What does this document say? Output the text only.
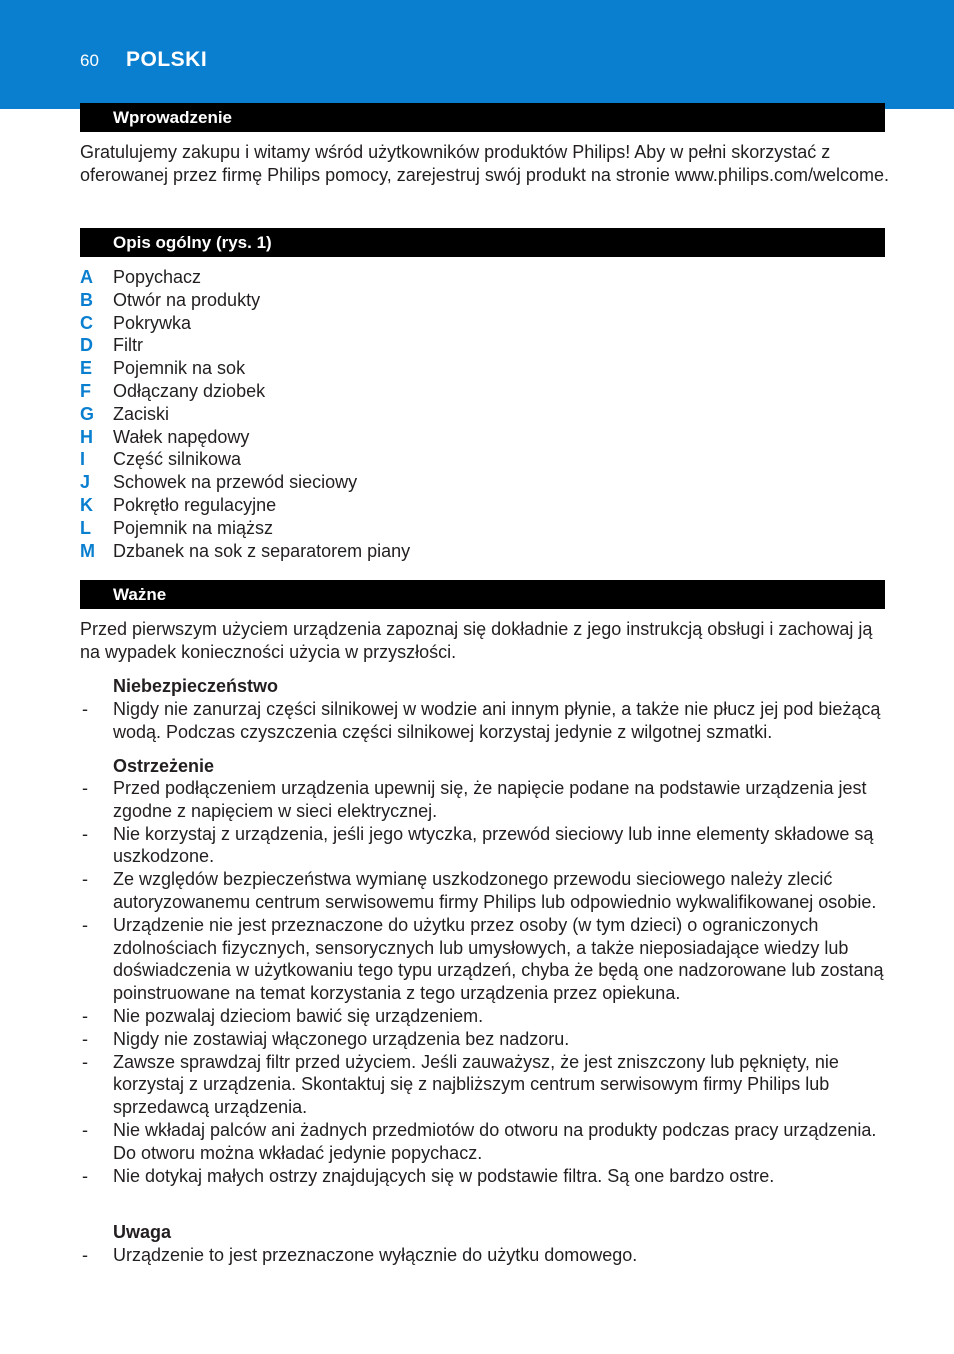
60 POLSKI
Wprowadzenie

Gratulujemy zakupu i witamy wśród użytkowników produktów Philips! Aby w pełni skorzystać z oferowanej przez firmę Philips pomocy, zarejestruj swój produkt na stronie www.philips.com/welcome.

Opis ogólny (rys. 1)
A	Popychacz
B	Otwór na produkty
C	Pokrywka
D	Filtr
E	Pojemnik na sok
F	Odłączany dziobek
G	Zaciski
H	Wałek napędowy
I	Część silnikowa
J	Schowek na przewód sieciowy
K	Pokrętło regulacyjne
L	Pojemnik na miąższ
M	Dzbanek na sok z separatorem piany
Ważne

Przed pierwszym użyciem urządzenia zapoznaj się dokładnie z jego instrukcją obsługi i zachowaj ją na wypadek konieczności użycia w przyszłości.

Niebezpieczeństwo
-	Nigdy nie zanurzaj części silnikowej w wodzie ani innym płynie, a także nie płucz jej pod bieżącą wodą. Podczas czyszczenia części silnikowej korzystaj jedynie z wilgotnej szmatki.
Ostrzeżenie
-	Przed podłączeniem urządzenia upewnij się, że napięcie podane na podstawie urządzenia jest zgodne z napięciem w sieci elektrycznej.
-	Nie korzystaj z urządzenia, jeśli jego wtyczka, przewód sieciowy lub inne elementy składowe są uszkodzone.
-	Ze względów bezpieczeństwa wymianę uszkodzonego przewodu sieciowego należy zlecić autoryzowanemu centrum serwisowemu firmy Philips lub odpowiednio wykwalifikowanej osobie.
-	Urządzenie nie jest przeznaczone do użytku przez osoby (w tym dzieci) o ograniczonych zdolnościach fizycznych, sensorycznych lub umysłowych, a także nieposiadające wiedzy lub doświadczenia w użytkowaniu tego typu urządzeń, chyba że będą one nadzorowane lub zostaną poinstruowane na temat korzystania z tego urządzenia przez opiekuna.
-	Nie pozwalaj dzieciom bawić się urządzeniem.
-	Nigdy nie zostawiaj włączonego urządzenia bez nadzoru.
-	Zawsze sprawdzaj filtr przed użyciem. Jeśli zauważysz, że jest zniszczony lub pęknięty, nie korzystaj z urządzenia. Skontaktuj się z najbliższym centrum serwisowym firmy Philips lub sprzedawcą urządzenia.
-	Nie wkładaj palców ani żadnych przedmiotów do otworu na produkty podczas pracy urządzenia. Do otworu można wkładać jedynie popychacz.
-	Nie dotykaj małych ostrzy znajdujących się w podstawie filtra. Są one bardzo ostre.
Uwaga
-	Urządzenie to jest przeznaczone wyłącznie do użytku domowego.
